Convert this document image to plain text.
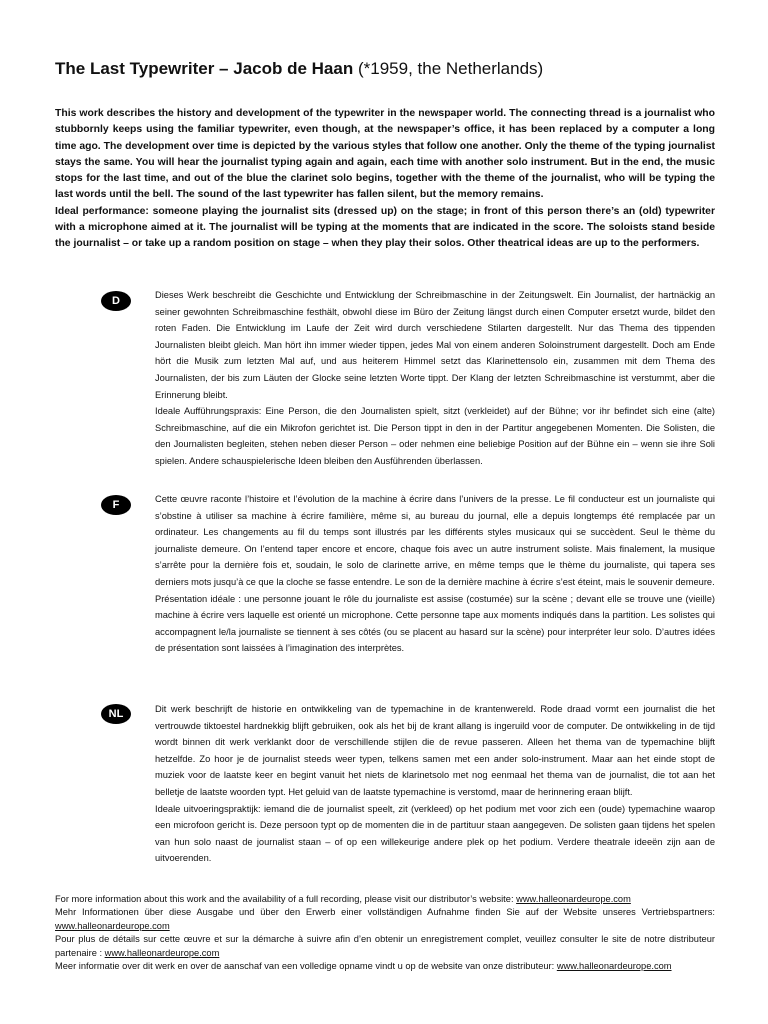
The Last Typewriter – Jacob de Haan (*1959, the Netherlands)

This work describes the history and development of the typewriter in the newspaper world. The connecting thread is a journalist who stubbornly keeps using the familiar typewriter, even though, at the newspaper’s office, it has been replaced by a computer a long time ago. The development over time is depicted by the various styles that follow one another. Only the theme of the typing journalist stays the same. You will hear the journalist typing again and again, each time with another solo instrument. But in the end, the music stops for the last time, and out of the blue the clarinet solo begins, together with the theme of the journalist, who will be typing the last words until the bell. The sound of the last typewriter has fallen silent, but the memory remains.

Ideal performance: someone playing the journalist sits (dressed up) on the stage; in front of this person there’s an (old) typewriter with a microphone aimed at it. The journalist will be typing at the moments that are indicated in the score. The soloists stand beside the journalist – or take up a random position on stage – when they play their solos. Other theatrical ideas are up to the performers.

D	Dieses Werk beschreibt die Geschichte und Entwicklung der Schreibmaschine in der Zeitungswelt. Ein Journalist, der hartnäckig an seiner gewohnten Schreibmaschine festhält, obwohl diese im Büro der Zeitung längst durch einen Computer ersetzt wurde, bildet den roten Faden. Die Entwicklung im Laufe der Zeit wird durch verschiedene Stilarten dargestellt. Nur das Thema des tippenden Journalisten bleibt gleich. Man hört ihn immer wieder tippen, jedes Mal von einem anderen Soloinstrument dargestellt. Doch am Ende hört die Musik zum letzten Mal auf, und aus heiterem Himmel setzt das Klarinettensolo ein, zusammen mit dem Thema des Journalisten, der bis zum Läuten der Glocke seine letzten Worte tippt. Der Klang der letzten Schreibmaschine ist verstummt, aber die Erinnerung bleibt.

Ideale Aufführungspraxis: Eine Person, die den Journalisten spielt, sitzt (verkleidet) auf der Bühne; vor ihr befindet sich eine (alte) Schreibmaschine, auf die ein Mikrofon gerichtet ist. Die Person tippt in den in der Partitur angegebenen Momenten. Die Solisten, die den Journalisten begleiten, stehen neben dieser Person – oder nehmen eine beliebige Position auf der Bühne ein – wenn sie ihre Soli spielen. Andere schauspielerische Ideen bleiben den Ausführenden überlassen.

F	Cette œuvre raconte l’histoire et l’évolution de la machine à écrire dans l’univers de la presse. Le fil conducteur est un journaliste qui s’obstine à utiliser sa machine à écrire familière, même si, au bureau du journal, elle a depuis longtemps été remplacée par un ordinateur. Les changements au fil du temps sont illustrés par les différents styles musicaux qui se succèdent. Seul le thème du journaliste demeure. On l’entend taper encore et encore, chaque fois avec un autre instrument soliste. Mais finalement, la musique s’arrête pour la dernière fois et, soudain, le solo de clarinette arrive, en même temps que le thème du journaliste, qui tapera ses derniers mots jusqu’à ce que la cloche se fasse entendre. Le son de la dernière machine à écrire s’est éteint, mais le souvenir demeure.

Présentation idéale : une personne jouant le rôle du journaliste est assise (costumée) sur la scène ; devant elle se trouve une (vieille) machine à écrire vers laquelle est orienté un microphone. Cette personne tape aux moments indiqués dans la partition. Les solistes qui accompagnent le/la journaliste se tiennent à ses côtés (ou se placent au hasard sur la scène) pour interpréter leur solo. D’autres idées de présentation sont laissées à l’imagination des interprètes.

NL	Dit werk beschrijft de historie en ontwikkeling van de typemachine in de krantenwereld. Rode draad vormt een journalist die het vertrouwde tiktoestel hardnekkig blijft gebruiken, ook als het bij de krant allang is ingeruild voor de computer. De ontwikkeling in de tijd wordt binnen dit werk verklankt door de verschillende stijlen die de revue passeren. Alleen het thema van de typemachine blijft hetzelfde. Zo hoor je de journalist steeds weer typen, telkens samen met een ander solo-instrument. Maar aan het einde stopt de muziek voor de laatste keer en begint vanuit het niets de klarinetsolo met nog eenmaal het thema van de journalist, die tot aan het belletje de laatste woorden typt. Het geluid van de laatste typemachine is verstomd, maar de herinnering eraan blijft.

Ideale uitvoeringspraktijk: iemand die de journalist speelt, zit (verkleed) op het podium met voor zich een (oude) typemachine waarop een microfoon gericht is. Deze persoon typt op de momenten die in de partituur staan aangegeven. De solisten gaan tijdens het spelen van hun solo naast de journalist staan – of op een willekeurige andere plek op het podium. Verdere theatrale ideeën zijn aan de uitvoerenden.

For more information about this work and the availability of a full recording, please visit our distributor’s website: www.halleonardeurope.com

Mehr Informationen über diese Ausgabe und über den Erwerb einer vollständigen Aufnahme finden Sie auf der Website unseres Vertriebspartners: www.halleonardeurope.com

Pour plus de détails sur cette œuvre et sur la démarche à suivre afin d’en obtenir un enregistrement complet, veuillez consulter le site de notre distributeur partenaire : www.halleonardeurope.com

Meer informatie over dit werk en over de aanschaf van een volledige opname vindt u op de website van onze distributeur: www.halleonardeurope.com
